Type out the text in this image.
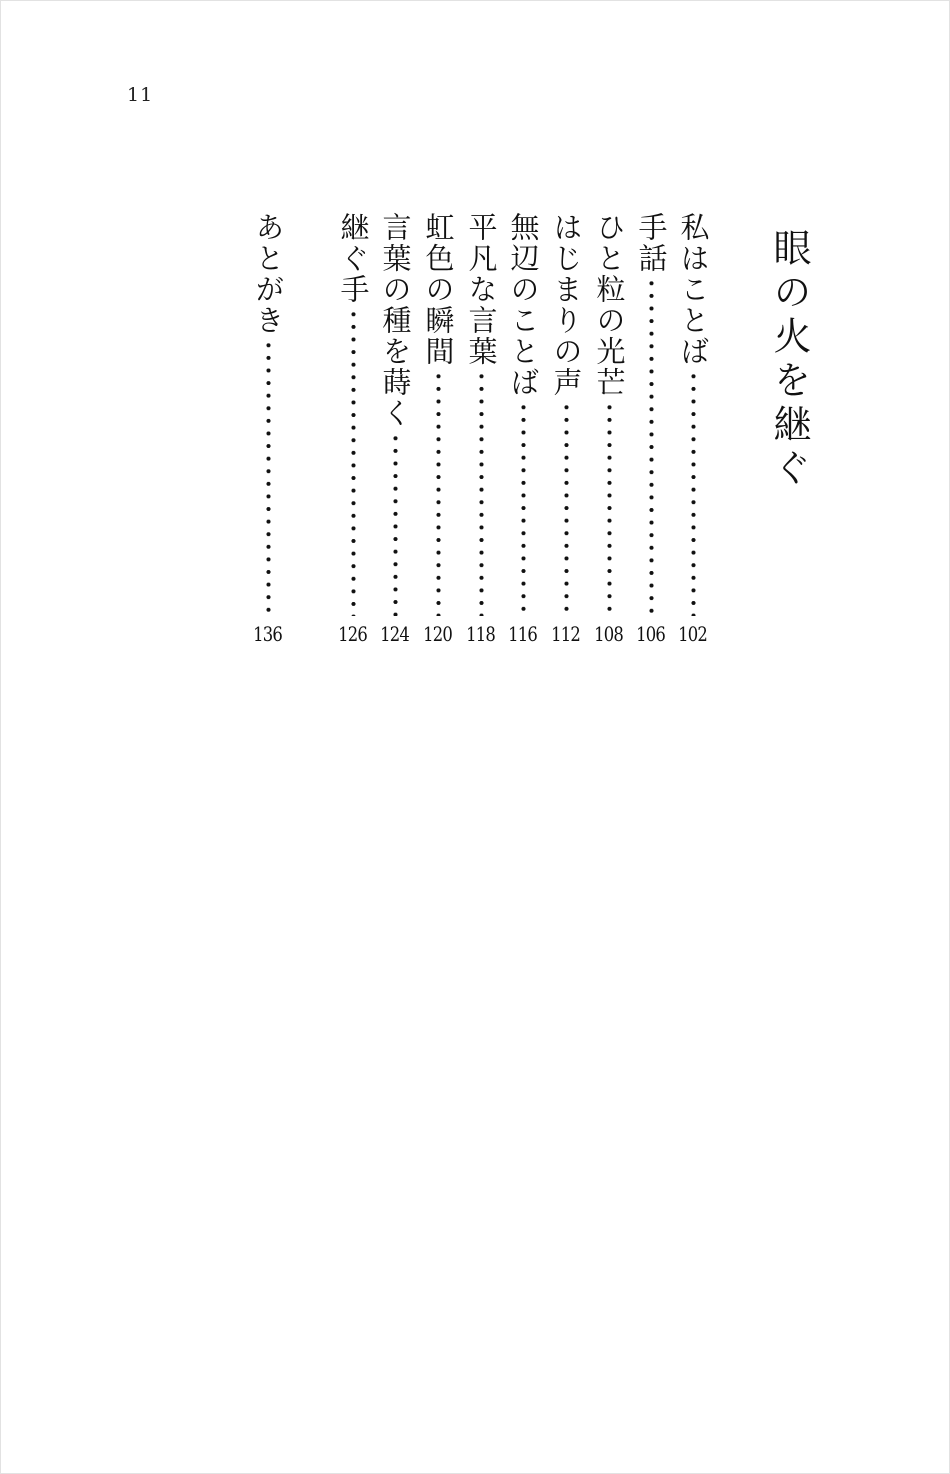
11
眼の火を継ぐ
私はことば
102
手話
106
ひと粒の光芒
108
はじまりの声
112
無辺のことば
116
平凡な言葉
118
虹色の瞬間
120
言葉の種を蒔く
124
継ぐ手
126
あとがき
136
